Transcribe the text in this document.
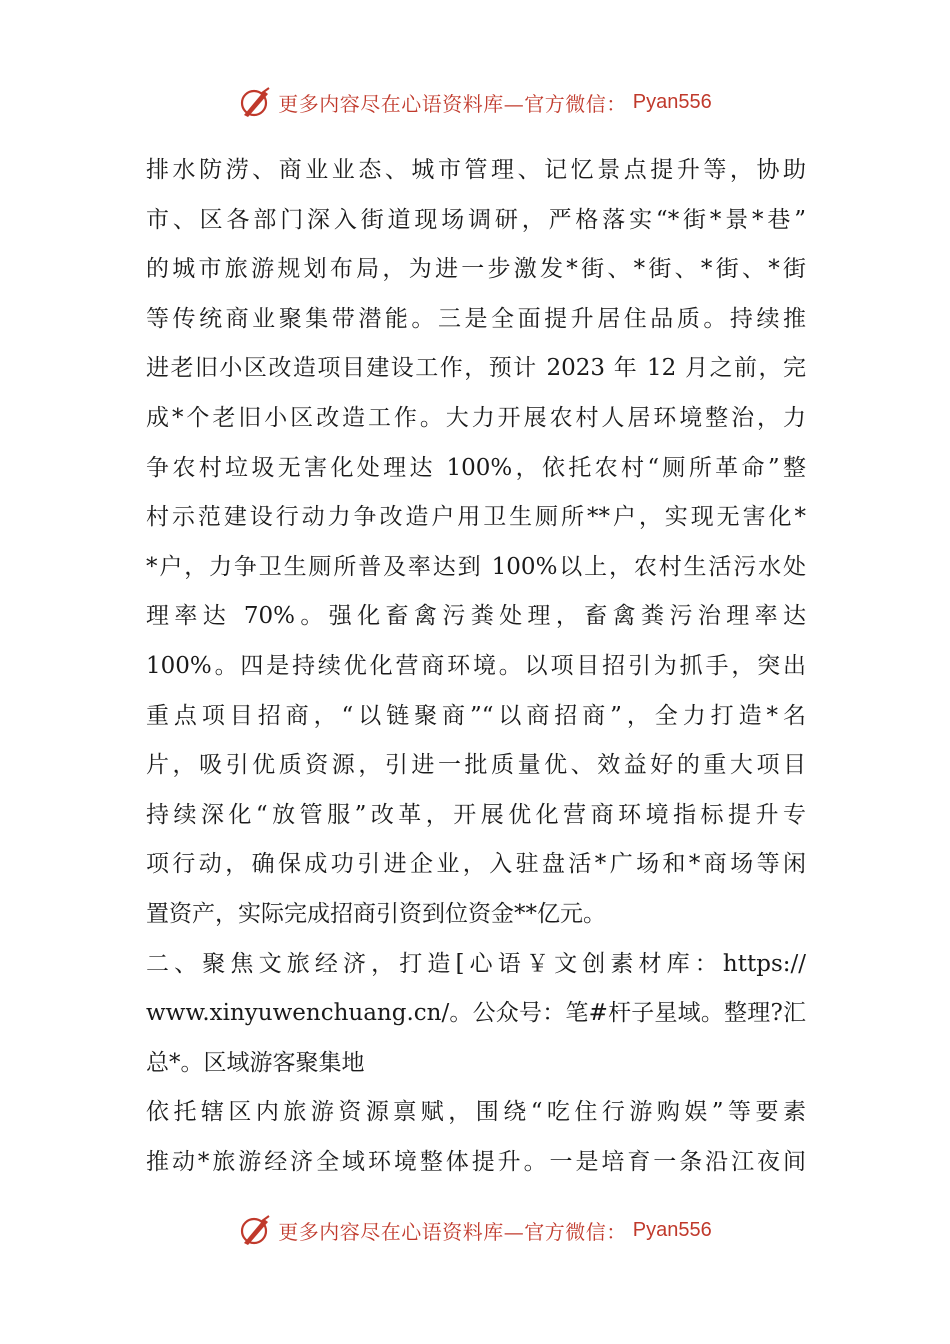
更多内容尽在心语资料库—官方微信： Pyan556
排水防涝、商业业态、城市管理、记忆景点提升等，协助
市、区各部门深入街道现场调研，严格落实“*街*景*巷”
的城市旅游规划布局，为进一步激发*街、*街、*街、*街
等传统商业聚集带潜能。三是全面提升居住品质。持续推
进老旧小区改造项目建设工作，预计 2023 年 12 月之前，完
成*个老旧小区改造工作。大力开展农村人居环境整治，力
争农村垃圾无害化处理达 100%，依托农村“厕所革命”整
村示范建设行动力争改造户用卫生厕所**户，实现无害化*
*户，力争卫生厕所普及率达到 100%以上，农村生活污水处
理率达 70%。强化畜禽污粪处理，畜禽粪污治理率达
100%。四是持续优化营商环境。以项目招引为抓手，突出
重点项目招商，“以链聚商”“以商招商”，全力打造*名
片，吸引优质资源，引进一批质量优、效益好的重大项目
持续深化“放管服”改革，开展优化营商环境指标提升专
项行动，确保成功引进企业，入驻盘活*广场和*商场等闲
置资产，实际完成招商引资到位资金**亿元。
二、聚焦文旅经济，打造[心语￥文创素材库：https://
www.xinyuwenchuang.cn/。公众号：笔#杆子星域。整理?汇
总*。区域游客聚集地
依托辖区内旅游资源禀赋，围绕“吃住行游购娱”等要素
推动*旅游经济全域环境整体提升。一是培育一条沿江夜间
更多内容尽在心语资料库—官方微信： Pyan556
